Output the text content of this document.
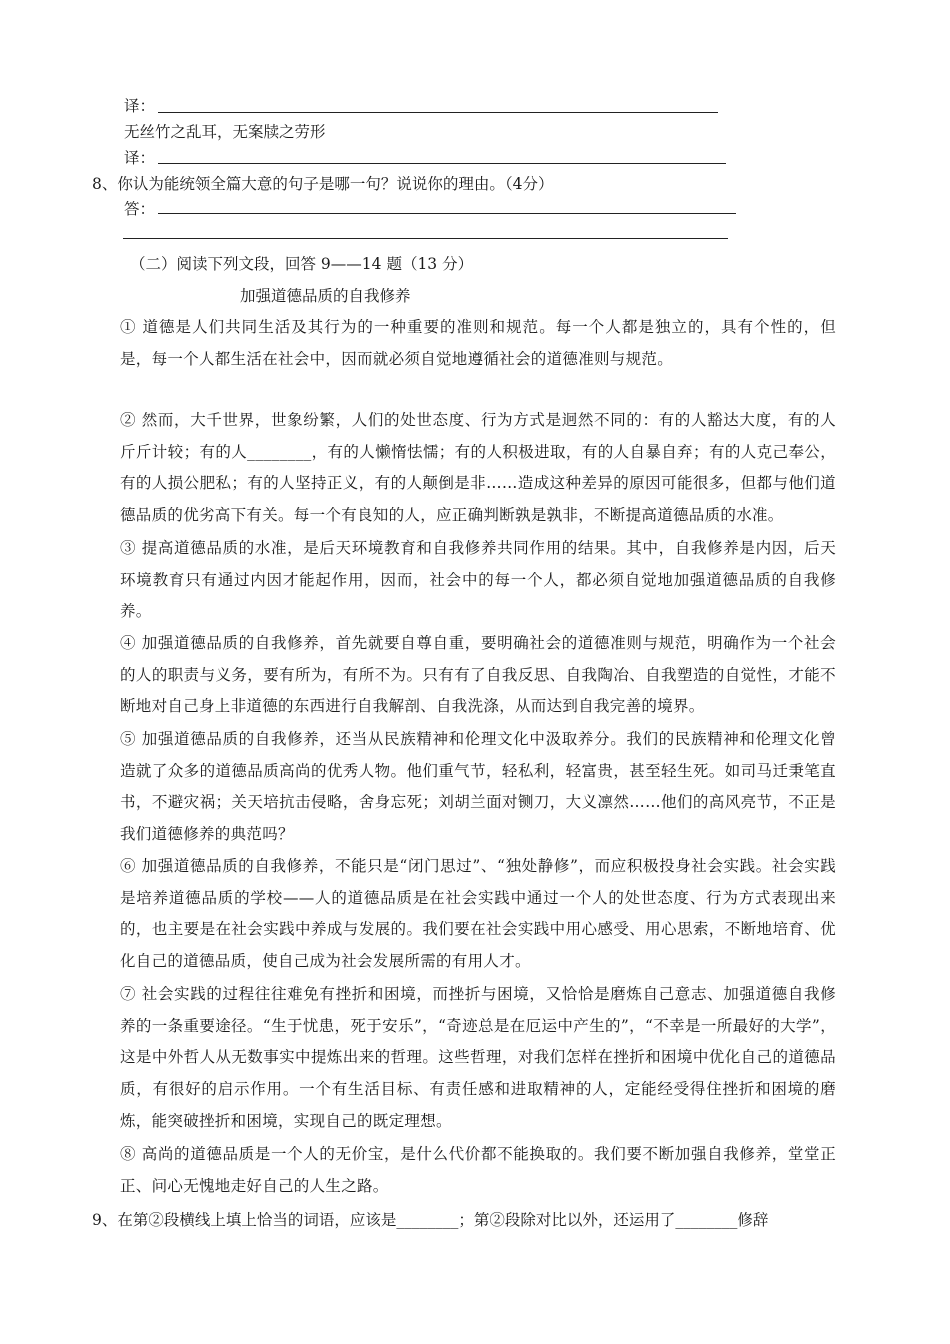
译：
无丝竹之乱耳，无案牍之劳形
译：
8、你认为能统领全篇大意的句子是哪一句？说说你的理由。（4分）
答：
（二）阅读下列文段，回答 9——14 题（13 分）
加强道德品质的自我修养
① 道德是人们共同生活及其行为的一种重要的准则和规范。每一个人都是独立的，具有个性的，但是，每一个人都生活在社会中，因而就必须自觉地遵循社会的道德准则与规范。
② 然而，大千世界，世象纷繁，人们的处世态度、行为方式是迥然不同的：有的人豁达大度，有的人斤斤计较；有的人________，有的人懒惰怯懦；有的人积极进取，有的人自暴自弃；有的人克己奉公，有的人损公肥私；有的人坚持正义，有的人颠倒是非……造成这种差异的原因可能很多，但都与他们道德品质的优劣高下有关。每一个有良知的人，应正确判断孰是孰非，不断提高道德品质的水准。
③ 提高道德品质的水准，是后天环境教育和自我修养共同作用的结果。其中，自我修养是内因，后天环境教育只有通过内因才能起作用，因而，社会中的每一个人，都必须自觉地加强道德品质的自我修养。
④ 加强道德品质的自我修养，首先就要自尊自重，要明确社会的道德准则与规范，明确作为一个社会的人的职责与义务，要有所为，有所不为。只有有了自我反思、自我陶冶、自我塑造的自觉性，才能不断地对自己身上非道德的东西进行自我解剖、自我洗涤，从而达到自我完善的境界。
⑤ 加强道德品质的自我修养，还当从民族精神和伦理文化中汲取养分。我们的民族精神和伦理文化曾造就了众多的道德品质高尚的优秀人物。他们重气节，轻私利，轻富贵，甚至轻生死。如司马迁秉笔直书，不避灾祸；关天培抗击侵略，舍身忘死；刘胡兰面对铡刀，大义凛然……他们的高风亮节，不正是我们道德修养的典范吗？
⑥ 加强道德品质的自我修养，不能只是“闭门思过”、“独处静修”，而应积极投身社会实践。社会实践是培养道德品质的学校——人的道德品质是在社会实践中通过一个人的处世态度、行为方式表现出来的，也主要是在社会实践中养成与发展的。我们要在社会实践中用心感受、用心思索，不断地培育、优化自己的道德品质，使自己成为社会发展所需的有用人才。
⑦ 社会实践的过程往往难免有挫折和困境，而挫折与困境，又恰恰是磨炼自己意志、加强道德自我修养的一条重要途径。“生于忧患，死于安乐”，“奇迹总是在厄运中产生的”，“不幸是一所最好的大学”，这是中外哲人从无数事实中提炼出来的哲理。这些哲理，对我们怎样在挫折和困境中优化自己的道德品质，有很好的启示作用。一个有生活目标、有责任感和进取精神的人，定能经受得住挫折和困境的磨炼，能突破挫折和困境，实现自己的既定理想。
⑧ 高尚的道德品质是一个人的无价宝，是什么代价都不能换取的。我们要不断加强自我修养，堂堂正正、问心无愧地走好自己的人生之路。
9、在第②段横线上填上恰当的词语，应该是________；第②段除对比以外，还运用了________修辞
